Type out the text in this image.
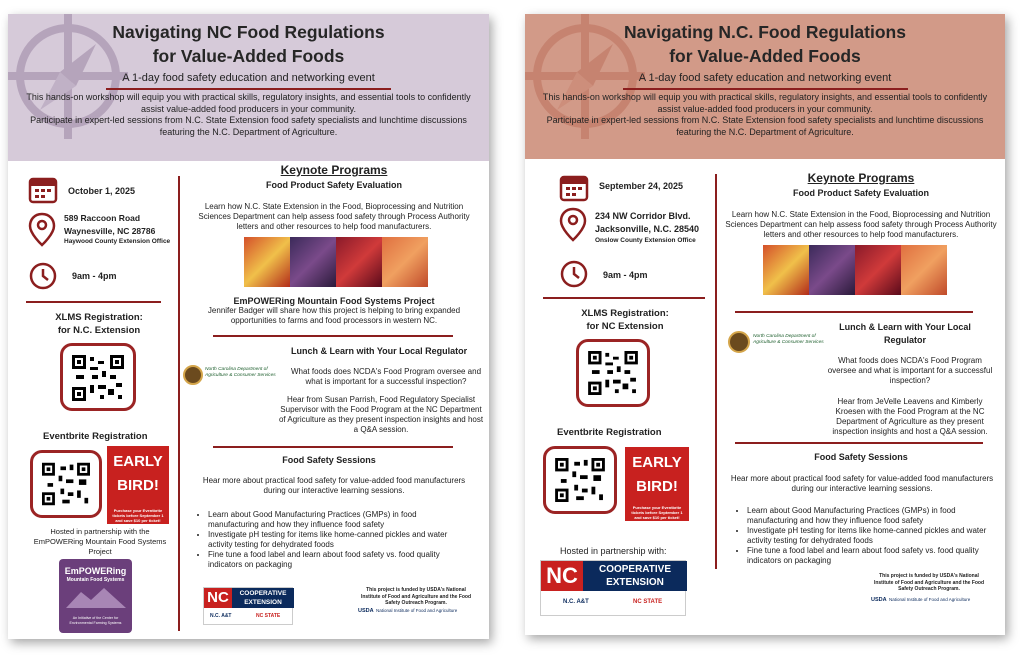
Navigating NC Food Regulations
for Value-Added Foods
A 1-day food safety education and networking event
This hands-on workshop will equip you with practical skills, regulatory insights, and essential tools to confidently assist value-added food producers in your community.
Participate in expert-led sessions from N.C. State Extension food safety specialists and lunchtime discussions featuring the N.C. Department of Agriculture.
October 1, 2025
589 Raccoon Road
Waynesville, NC 28786
Haywood County Extension Office
9am - 4pm
XLMS Registration:
for N.C. Extension
Eventbrite Registration
EARLY
BIRD!
Purchase your Eventbrite tickets before September 1 and save $10 per ticket!
Hosted in partnership with the EmPOWERing Mountain Food Systems Project
EmPOWERing
Mountain Food Systems
An Initiative of the Center for Environmental Farming Systems
Keynote Programs
Food Product Safety Evaluation
Learn how N.C. State Extension in the Food, Bioprocessing and Nutrition Sciences Department can help assess food safety through Process Authority letters and other resources to help food manufacturers.
EmPOWERing Mountain Food Systems Project
Jennifer Badger will share how this project is helping to bring expanded opportunities to farms and food processors in western NC.
Lunch & Learn with Your Local Regulator
North Carolina Department of Agriculture & Consumer Services	What foods does NCDA's Food Program oversee and what is important for a successful inspection?
Hear from Susan Parrish, Food Regulatory Specialist Supervisor with the Food Program at the NC Department of Agriculture as they present inspection insights and host a Q&A session.
Food Safety Sessions
Hear more about practical food safety for value-added food manufacturers during our interactive learning sessions.
• Learn about Good Manufacturing Practices (GMPs) in food manufacturing and how they influence food safety
• Investigate pH testing for items like home-canned pickles and water activity testing for dehydrated foods
• Fine tune a food label and learn about food safety vs. food quality indicators on packaging
NC	COOPERATIVE EXTENSION
N.C. A&T	NC STATE
This project is funded by USDA's National Institute of Food and Agriculture and the Food Safety Outreach Program.
USDA National Institute of Food and Agriculture
Navigating N.C. Food Regulations
for Value-Added Foods
A 1-day food safety education and networking event
This hands-on workshop will equip you with practical skills, regulatory insights, and essential tools to confidently assist value-added food producers in your community.
Participate in expert-led sessions from N.C. State Extension food safety specialists and lunchtime discussions featuring the N.C. Department of Agriculture.
September 24, 2025
234 NW Corridor Blvd.
Jacksonville, N.C. 28540
Onslow County Extension Office
9am - 4pm
XLMS Registration:
for NC Extension
Eventbrite Registration
EARLY
BIRD!
Purchase your Eventbrite tickets before September 1 and save $10 per ticket!
Hosted in partnership with:
NC	COOPERATIVE EXTENSION
N.C. A&T	NC STATE
Keynote Programs
Food Product Safety Evaluation
Learn how N.C. State Extension in the Food, Bioprocessing and Nutrition Sciences Department can help assess food safety through Process Authority letters and other resources to help food manufacturers.
North Carolina Department of Agriculture & Consumer Services
Lunch & Learn with Your Local Regulator
What foods does NCDA's Food Program oversee and what is important for a successful inspection?
Hear from JeVelle Leavens and Kimberly Kroesen with the Food Program at the NC Department of Agriculture as they present inspection insights and host a Q&A session.
Food Safety Sessions
Hear more about practical food safety for value-added food manufacturers during our interactive learning sessions.
• Learn about Good Manufacturing Practices (GMPs) in food manufacturing and how they influence food safety
• Investigate pH testing for items like home-canned pickles and water activity testing for dehydrated foods
• Fine tune a food label and learn about food safety vs. food quality indicators on packaging
This project is funded by USDA's National Institute of Food and Agriculture and the Food Safety Outreach Program.
USDA National Institute of Food and Agriculture
